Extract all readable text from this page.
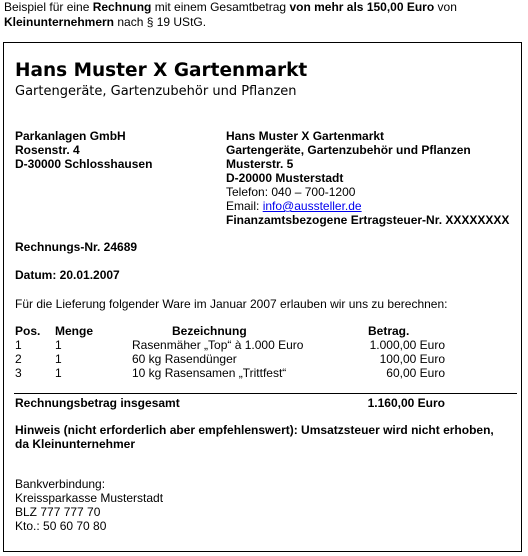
Beispiel für eine Rechnung mit einem Gesamtbetrag von mehr als 150,00 Euro von
Kleinunternehmern nach § 19 UStG.
Hans Muster X Gartenmarkt
Gartengeräte, Gartenzubehör und Pflanzen
Parkanlagen GmbH
Rosenstr. 4
D-30000 Schlosshausen
Hans Muster X Gartenmarkt
Gartengeräte, Gartenzubehör und Pflanzen
Musterstr. 5
D-20000 Musterstadt
Telefon: 040 – 700-1200
Email: info@aussteller.de
Finanzamtsbezogene Ertragsteuer-Nr. XXXXXXXX
Rechnungs-Nr. 24689
Datum: 20.01.2007
Für die Lieferung folgender Ware im Januar 2007 erlauben wir uns zu berechnen:
Pos. Menge	Bezeichnung	Betrag.
1	1	Rasenmäher „Top“ à 1.000 Euro	1.000,00 Euro
2	1	60 kg Rasendünger	100,00 Euro
3	1	10 kg Rasensamen „Trittfest“	60,00 Euro
Rechnungsbetrag insgesamt	1.160,00 Euro
Hinweis (nicht erforderlich aber empfehlenswert): Umsatzsteuer wird nicht erhoben,
da Kleinunternehmer
Bankverbindung:
Kreissparkasse Musterstadt
BLZ 777 777 70
Kto.: 50 60 70 80
